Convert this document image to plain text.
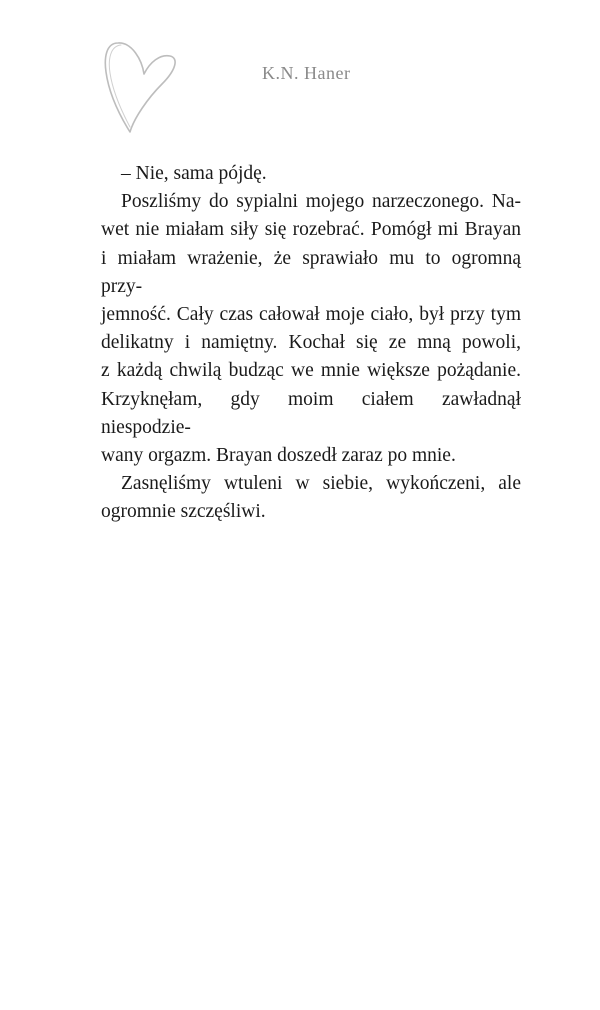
K.N. Haner
– Nie, sama pójdę.
Poszliśmy do sypialni mojego narzeczonego. Na-
wet nie miałam siły się rozebrać. Pomógł mi Brayan
i miałam wrażenie, że sprawiało mu to ogromną przy-
jemność. Cały czas całował moje ciało, był przy tym
delikatny i namiętny. Kochał się ze mną powoli,
z każdą chwilą budząc we mnie większe pożądanie.
Krzyknęłam, gdy moim ciałem zawładnął niespodzie-
wany orgazm. Brayan doszedł zaraz po mnie.
Zasnęliśmy wtuleni w siebie, wykończeni, ale
ogromnie szczęśliwi.
